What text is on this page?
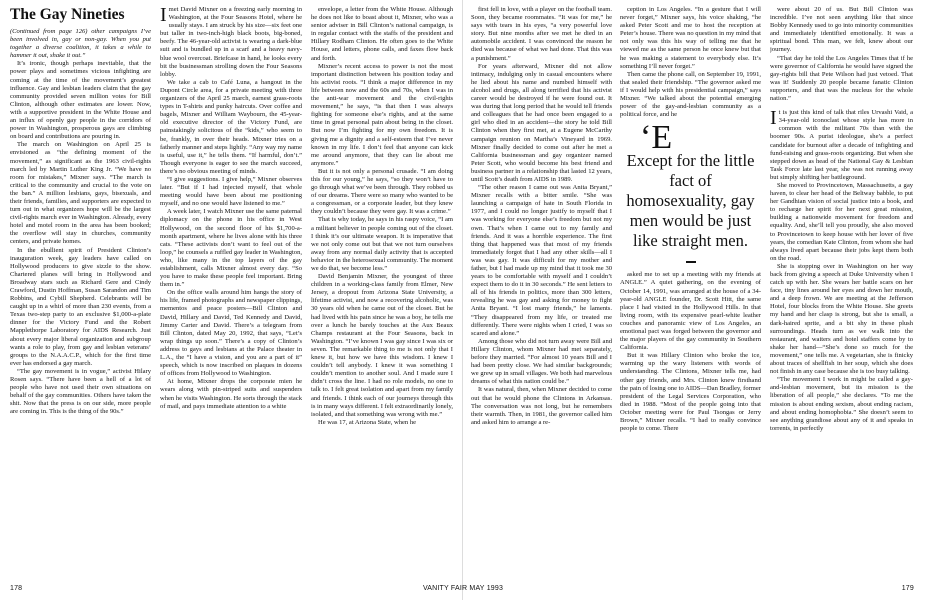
The Gay Nineties

(Continued from page 126) other campaigns I’ve been involved in, gay or non-gay. When you put together a diverse coalition, it takes a while to hammer it out, shake it out.”

It’s ironic, though perhaps inevitable, that the power plays and sometimes vicious infighting are coming at the time of the movement’s greatest influence. Gay and lesbian leaders claim that the gay community provided seven million votes for Bill Clinton, although other estimates are lower. Now, with a supportive president in the White House and an influx of openly gay people in the corridors of power in Washington, prosperous gays are climbing on board and contributions are pouring in.

The march on Washington on April 25 is envisioned as “the defining moment of the movement,” as significant as the 1963 civil-rights march led by Martin Luther King Jr. “We have no room for mistakes,” Mixner says. “The march is critical to the community and crucial to the vote on the ban.” A million lesbians, gays, bisexuals, and their friends, families, and supporters are expected to turn out in what organizers hope will be the largest civil-rights march ever in Washington. Already, every hotel and motel room in the area has been booked; the overflow will stay in churches, community centers, and private homes.

In the ebullient spirit of President Clinton’s inauguration week, gay leaders have called on Hollywood producers to give sizzle to the show. Chartered planes will bring in Hollywood and Broadway stars such as Richard Gere and Cindy Crawford, Dustin Hoffman, Susan Sarandon and Tim Robbins, and Cybill Shepherd. Celebrants will be caught up in a whirl of more than 230 events, from a Texas two-step party to an exclusive $1,000-a-plate dinner for the Victory Fund and the Robert Mapplethorpe Laboratory for AIDS Research. Just about every major liberal organization and subgroup wants a role to play, from gay and lesbian veterans’ groups to the N.A.A.C.P., which for the first time ever has endorsed a gay march.

“The gay movement is in vogue,” activist Hilary Rosen says. “There have been a hell of a lot of people who have not used their own situations on behalf of the gay communities. Others have taken the shit. Now that the press is on our side, more people are coming in. This is the thing of the 90s.”

Imet David Mixner on a freezing early morning in Washington, at the Four Seasons Hotel, where he usually stays. I am struck by his size—six feet one but taller in two-inch-high black boots, big-boned, beefy. The 46-year-old activist is wearing a dark-blue suit and is bundled up in a scarf and a heavy navy-blue wool overcoat. Briefcase in hand, he looks every bit the businessman strolling down the Four Seasons lobby.

We take a cab to Café Luna, a hangout in the Dupont Circle area, for a private meeting with three organizers of the April 25 march, earnest grass-roots types in T-shirts and punky haircuts. Over coffee and bagels, Mixner and William Waybourn, the 45-year-old executive director of the Victory Fund, are painstakingly solicitous of the “kids,” who seem to be, frankly, in over their heads. Mixner tries on a fatherly manner and steps lightly. “Any way my name is useful, use it,” he tells them. “If harmful, don’t.” Though everyone is eager to see the march succeed, there’s no obvious meeting of minds.

“I give suggestions. I give help,” Mixner observes later. “But if I had injected myself, that whole meeting would have been about me positioning myself, and no one would have listened to me.”

A week later, I watch Mixner use the same paternal diplomacy on the phone in his office in West Hollywood, on the second floor of his $1,700-a-month apartment, where he lives alone with his three cats. “These activists don’t want to feel out of the loop,” he counsels a ruffled gay leader in Washington, who, like many in the top layers of the gay establishment, calls Mixner almost every day. “So you have to make these people feel important. Bring them in.”

On the office walls around him hangs the story of his life, framed photographs and newspaper clippings, mementos and peace posters—Bill Clinton and David, Hillary and David, Ted Kennedy and David, Jimmy Carter and David. There’s a telegram from Bill Clinton, dated May 20, 1992, that says, “Let’s wrap things up soon.” There’s a copy of Clinton’s address to gays and lesbians at the Palace theater in L.A., the “I have a vision, and you are a part of it” speech, which is now inscribed on plaques in dozens of offices from Hollywood to Washington.

At home, Mixner drops the corporate mien he wears along with pin-striped suits and suspenders when he visits Washington. He sorts through the stack of mail, and pays immediate attention to a white

envelope, a letter from the White House. Although he does not like to boast about it, Mixner, who was a senior adviser in Bill Clinton’s national campaign, is in regular contact with the staffs of the president and Hillary Rodham Clinton. He often goes to the White House, and letters, phone calls, and faxes flow back and forth.

Mixner’s recent access to power is not the most important distinction between his position today and his activist roots. “I think a major difference in my life between now and the 60s and 70s, when I was in the anti-war movement and the civil-rights movement,” he says, “is that then I was always fighting for someone else’s rights, and at the same time in great personal pain about being in the closet. But now I’m fighting for my own freedom. It is giving me a dignity and a self-esteem that I’ve never known in my life. I don’t feel that anyone can kick me around anymore, that they can lie about me anymore.”

But it is not only a personal crusade. “I am doing this for our young,” he says, “so they won’t have to go through what we’ve been through. They robbed us of our dreams. There were so many who wanted to be a congressman, or a corporate leader, but they knew they couldn’t because they were gay. It was a crime.”

That is why today, he says in his raspy voice, “I am a militant believer in people coming out of the closet. I think it’s our ultimate weapon. It is imperative that we not only come out but that we not turn ourselves away from any normal daily activity that is accepted behavior in the heterosexual community. The moment we do that, we become less.”

David Benjamin Mixner, the youngest of three children in a working-class family from Elmer, New Jersey, a dropout from Arizona State University, a lifetime activist, and now a recovering alcoholic, was 30 years old when he came out of the closet. But he had lived with his pain since he was a boy, he tells me over a lunch he barely touches at the Aux Beaux Champs restaurant at the Four Seasons, back in Washington. “I’ve known I was gay since I was six or seven. The remarkable thing to me is not only that I knew it, but how we have this wisdom. I knew I couldn’t tell anybody. I knew it was something I couldn’t mention to another soul. And I made sure I didn’t cross the line. I had no role models, no one to talk to. I felt great isolation and apart from my family and friends. I think each of our journeys through this is in many ways different. I felt extraordinarily lonely, isolated, and that something was wrong with me.”

He was 17, at Arizona State, when he

178

first fell in love, with a player on the football team. Soon, they became roommates. “It was for me,” he says with tears in his eyes, “a very powerful love story. But nine months after we met he died in an automobile accident. I was convinced the reason he died was because of what we had done. That this was a punishment.”

For years afterward, Mixner did not allow intimacy, indulging only in casual encounters where he lied about his name and numbed himself with alcohol and drugs, all along terrified that his activist career would be destroyed if he were found out. It was during that long period that he would tell friends and colleagues that he had once been engaged to a girl who died in an accident—the story he told Bill Clinton when they first met, at a Eugene McCarthy campaign reunion on Martha’s Vineyard in 1969. Mixner finally decided to come out after he met a California businessman and gay organizer named Peter Scott, who would become his best friend and business partner in a relationship that lasted 12 years, until Scott’s death from AIDS in 1989.

“The other reason I came out was Anita Bryant,” Mixner recalls with a bitter smile. “She was launching a campaign of hate in South Florida in 1977, and I could no longer justify to myself that I was working for everyone else’s freedom but not my own. That’s when I came out to my family and friends. And it was a horrible experience. The first thing that happened was that most of my friends immediately forgot that I had any other skills—all I was was gay. It was difficult for my mother and father, but I had made up my mind that it took me 30 years to be comfortable with myself and I couldn’t expect them to do it in 30 seconds.” He sent letters to all of his friends in politics, more than 300 letters, revealing he was gay and asking for money to fight Anita Bryant. “I lost many friends,” he laments. “They disappeared from my life, or treated me differently. There were nights when I cried, I was so scared and alone.”

Among those who did not turn away were Bill and Hillary Clinton, whom Mixner had met separately, before they married. “For almost 10 years Bill and I had been pretty close. We had similar backgrounds; we grew up in small villages. We both had marvelous dreams of what this nation could be.”

It was natural, then, when Mixner decided to come out that he would phone the Clintons in Arkansas. The conversation was not long, but he remembers their warmth. Then, in 1981, the governor called him and asked him to arrange a re-

ception in Los Angeles. “In a gesture that I will never forget,” Mixner says, his voice shaking, “he asked Peter Scott and me to host the reception at Peter’s house. There was no question in my mind that not only was this his way of telling me that he viewed me as the same person he once knew but that he was making a statement to everybody else. It’s something I’ll never forget.”

Then came the phone call, on September 19, 1991, that sealed their friendship. “The governor asked me if I would help with his presidential campaign,” says Mixner. “We talked about the potential emerging power of the gay-and-lesbian community as a political force, and he

‘E
Except for the little fact of homosexuality, gay men would be just like straight men.

asked me to set up a meeting with my friends at ANGLE.” A quiet gathering, on the evening of October 14, 1991, was arranged at the house of a 34-year-old ANGLE founder, Dr. Scott Hitt, the same place I had visited in the Hollywood Hills. In that living room, with its expensive pearl-white leather couches and panoramic view of Los Angeles, an emotional pact was forged between the governor and the major players of the gay community in Southern California.

But it was Hillary Clinton who broke the ice, warming up the wary listeners with words of understanding. The Clintons, Mixner tells me, had other gay friends, and Mrs. Clinton knew firsthand the pain of losing one to AIDS—Dan Bradley, former president of the Legal Services Corporation, who died in 1988. “Most of the people going into that October meeting were for Paul Tsongas or Jerry Brown,” Mixner recalls. “I had to really convince people to come. There

were about 20 of us. But Bill Clinton was incredible. I’ve not seen anything like that since Bobby Kennedy used to go into minority communities and immediately identified emotionally. It was a spiritual bond. This man, we felt, knew about our journey.

“That day he told the Los Angeles Times that if he were governor of California he would have signed the gay-rights bill that Pete Wilson had just vetoed. That was it! Suddenly 20 people became fanatic Clinton supporters, and that was the nucleus for the whole nation.”

It is just this kind of talk that riles Urvashi Vaid, a 34-year-old iconoclast whose style has more in common with the militant 70s than with the boomer 90s. A purist ideologue, she’s a perfect candidate for burnout after a decade of infighting and fund-raising and grass-roots organizing. But when she stepped down as head of the National Gay & Lesbian Task Force late last year, she was not running away but simply shifting her battleground.

She moved to Provincetown, Massachusetts, a gay haven, to clear her head of the Beltway babble, to put her Gandhian vision of social justice into a book, and to recharge her spirit for her next great mission, building a nationwide movement for freedom and equality. And, she’ll tell you proudly, she also moved to Provincetown to keep house with her lover of five years, the comedian Kate Clinton, from whom she had always lived apart because their jobs kept them both on the road.

She is stopping over in Washington on her way back from giving a speech at Duke University when I catch up with her. She wears her battle scars on her face, tiny lines around her eyes and down her mouth, and a deep frown. We are meeting at the Jefferson Hotel, four blocks from the White House. She greets my hand and her clasp is strong, but she is small, a dark-haired sprite, and a bit shy in these plush surroundings. Heads turn as we walk into the restaurant, and waiters and hotel staffers come by to shake her hand—“She’s done so much for the movement,” one tells me. A vegetarian, she is finicky about traces of shellfish in her soup, which she does not finish in any case because she is too busy talking.

“The movement I work in might be called a gay-and-lesbian movement, but its mission is the liberation of all people,” she declares. “To me the mission is about ending sexism, about ending racism, and about ending homophobia.” She doesn’t seem to see anything grandiose about any of it and speaks in torrents, in perfectly

VANITY FAIR MAY 1993	179
